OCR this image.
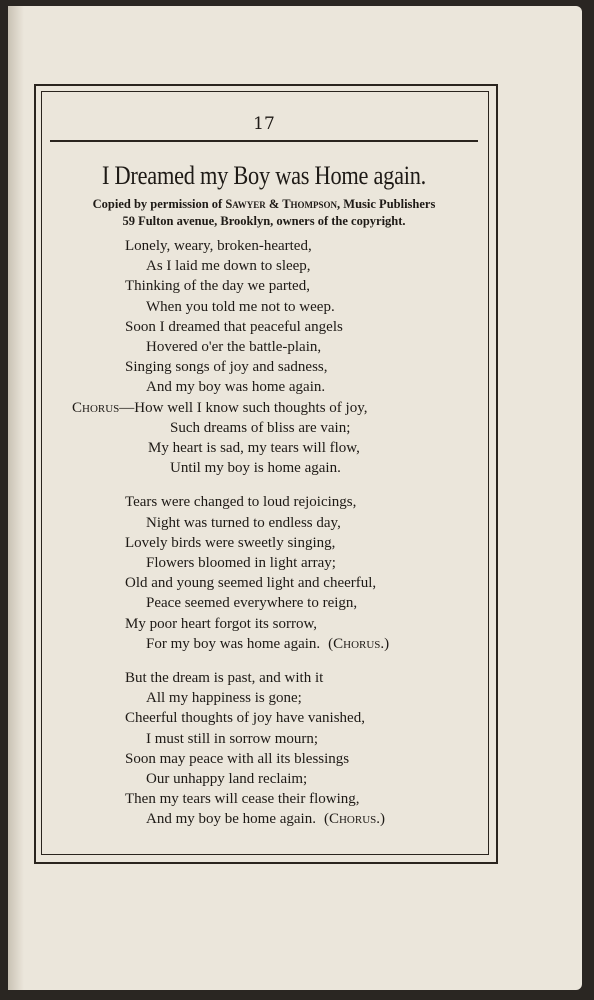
17
I Dreamed my Boy was Home again.
Copied by permission of Sawyer & Thompson, Music Publishers
59 Fulton avenue, Brooklyn, owners of the copyright.
Lonely, weary, broken-hearted,
As I laid me down to sleep,
Thinking of the day we parted,
When you told me not to weep.
Soon I dreamed that peaceful angels
Hovered o'er the battle-plain,
Singing songs of joy and sadness,
And my boy was home again.
Chorus—How well I know such thoughts of joy,
Such dreams of bliss are vain;
My heart is sad, my tears will flow,
Until my boy is home again.
Tears were changed to loud rejoicings,
Night was turned to endless day,
Lovely birds were sweetly singing,
Flowers bloomed in light array;
Old and young seemed light and cheerful,
Peace seemed everywhere to reign,
My poor heart forgot its sorrow,
For my boy was home again. (Chorus.)
But the dream is past, and with it
All my happiness is gone;
Cheerful thoughts of joy have vanished,
I must still in sorrow mourn;
Soon may peace with all its blessings
Our unhappy land reclaim;
Then my tears will cease their flowing,
And my boy be home again. (Chorus.)
